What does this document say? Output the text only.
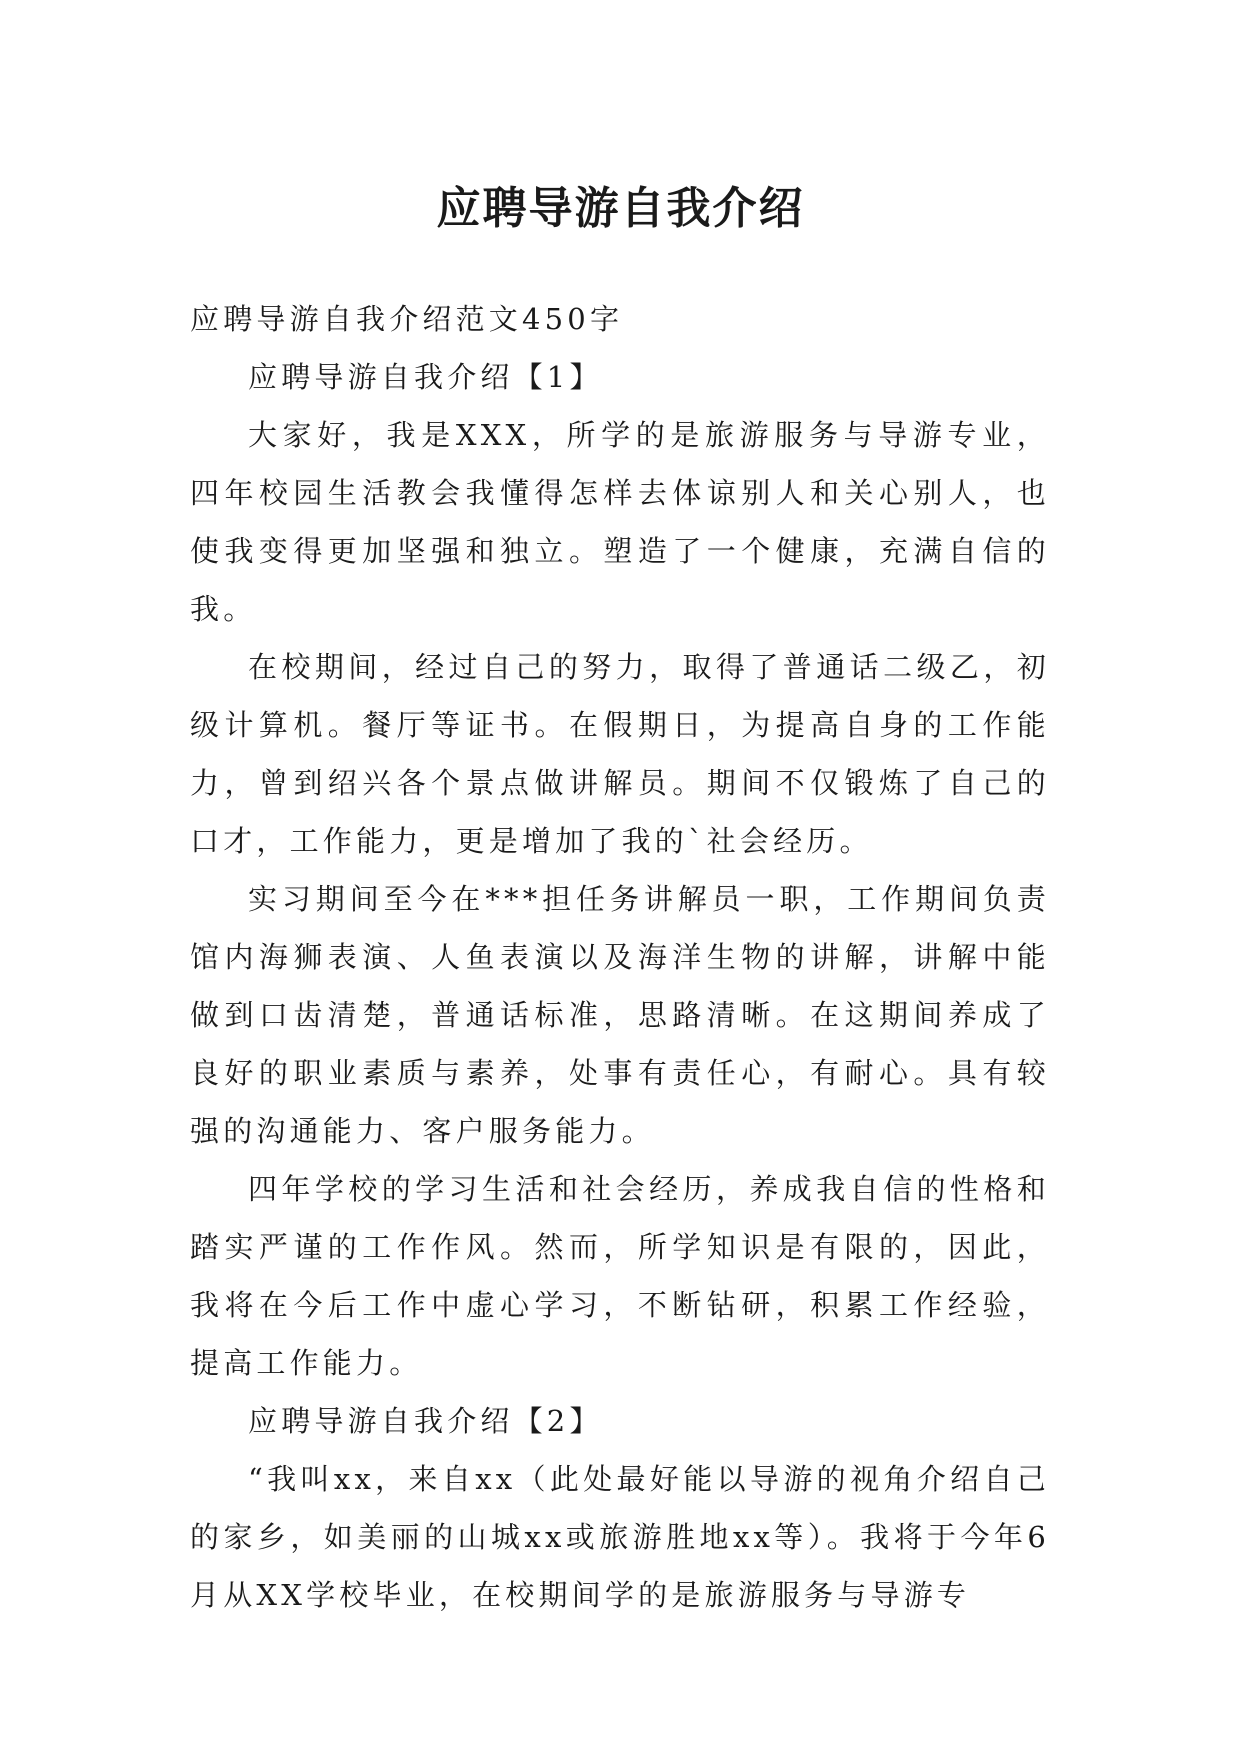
应聘导游自我介绍

应聘导游自我介绍范文450字

应聘导游自我介绍【1】

大家好，我是XXX，所学的是旅游服务与导游专业，四年校园生活教会我懂得怎样去体谅别人和关心别人，也使我变得更加坚强和独立。塑造了一个健康，充满自信的我。

在校期间，经过自己的努力，取得了普通话二级乙，初级计算机。餐厅等证书。在假期日，为提高自身的工作能力，曾到绍兴各个景点做讲解员。期间不仅锻炼了自己的口才，工作能力，更是增加了我的`社会经历。

实习期间至今在***担任务讲解员一职，工作期间负责馆内海狮表演、人鱼表演以及海洋生物的讲解，讲解中能做到口齿清楚，普通话标准，思路清晰。在这期间养成了良好的职业素质与素养，处事有责任心，有耐心。具有较强的沟通能力、客户服务能力。

四年学校的学习生活和社会经历，养成我自信的性格和踏实严谨的工作作风。然而，所学知识是有限的，因此，我将在今后工作中虚心学习，不断钻研，积累工作经验，提高工作能力。

应聘导游自我介绍【2】

“我叫xx，来自xx（此处最好能以导游的视角介绍自己的家乡，如美丽的山城xx或旅游胜地xx等）。我将于今年6月从XX学校毕业，在校期间学的是旅游服务与导游专
